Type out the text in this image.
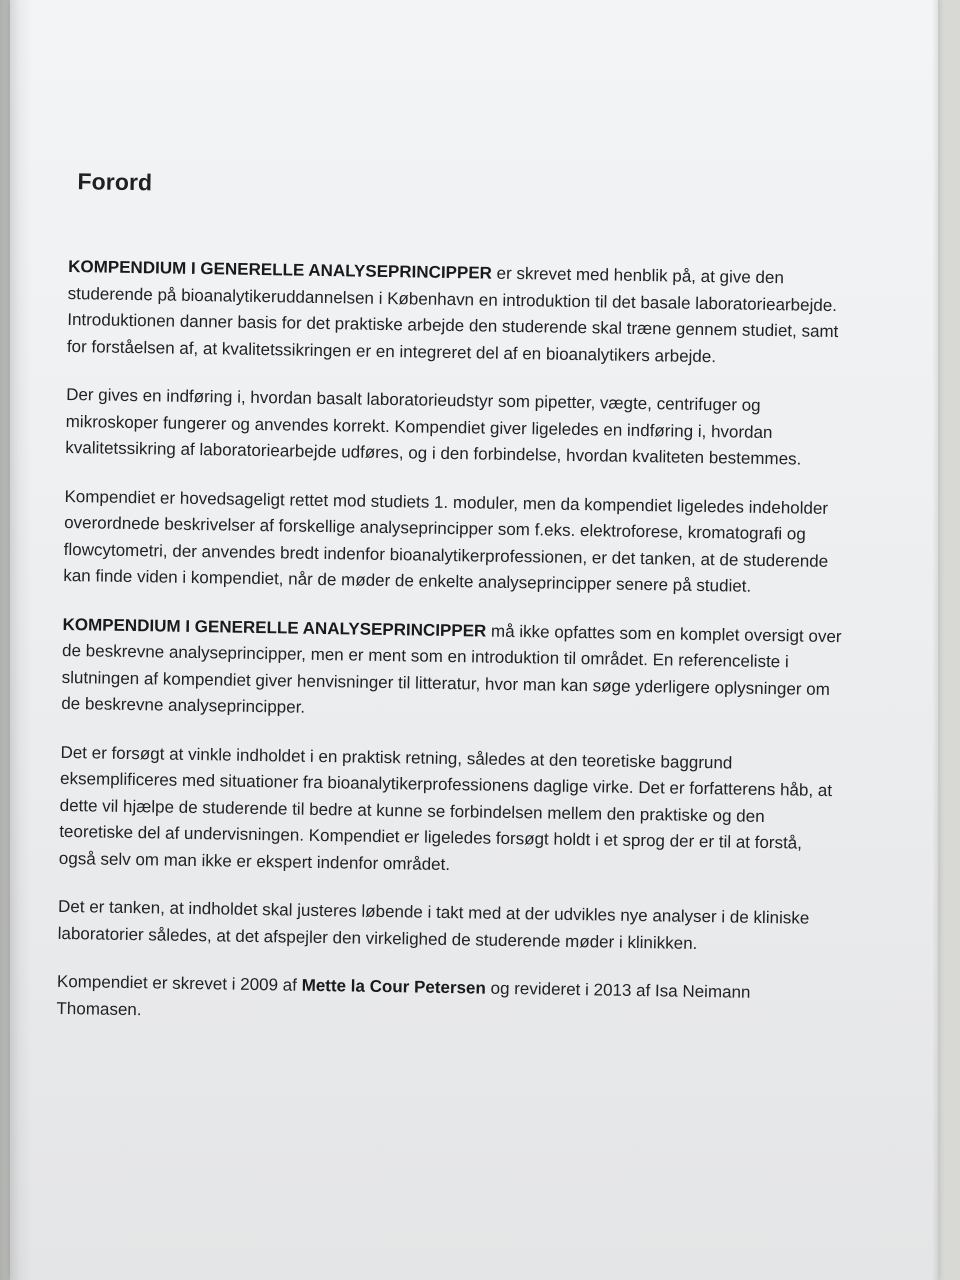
Forord

KOMPENDIUM I GENERELLE ANALYSEPRINCIPPER er skrevet med henblik på, at give den studerende på bioanalytikeruddannelsen i København en introduktion til det basale laboratoriearbejde. Introduktionen danner basis for det praktiske arbejde den studerende skal træne gennem studiet, samt for forståelsen af, at kvalitetssikringen er en integreret del af en bioanalytikers arbejde.

Der gives en indføring i, hvordan basalt laboratorieudstyr som pipetter, vægte, centrifuger og mikroskoper fungerer og anvendes korrekt. Kompendiet giver ligeledes en indføring i, hvordan kvalitetssikring af laboratoriearbejde udføres, og i den forbindelse, hvordan kvaliteten bestemmes.

Kompendiet er hovedsageligt rettet mod studiets 1. moduler, men da kompendiet ligeledes indeholder overordnede beskrivelser af forskellige analyseprincipper som f.eks. elektroforese, kromatografi og flowcytometri, der anvendes bredt indenfor bioanalytikerprofessionen, er det tanken, at de studerende kan finde viden i kompendiet, når de møder de enkelte analyseprincipper senere på studiet.

KOMPENDIUM I GENERELLE ANALYSEPRINCIPPER må ikke opfattes som en komplet oversigt over de beskrevne analyseprincipper, men er ment som en introduktion til området. En referenceliste i slutningen af kompendiet giver henvisninger til litteratur, hvor man kan søge yderligere oplysninger om de beskrevne analyseprincipper.

Det er forsøgt at vinkle indholdet i en praktisk retning, således at den teoretiske baggrund eksemplificeres med situationer fra bioanalytikerprofessionens daglige virke. Det er forfatterens håb, at dette vil hjælpe de studerende til bedre at kunne se forbindelsen mellem den praktiske og den teoretiske del af undervisningen. Kompendiet er ligeledes forsøgt holdt i et sprog der er til at forstå, også selv om man ikke er ekspert indenfor området.

Det er tanken, at indholdet skal justeres løbende i takt med at der udvikles nye analyser i de kliniske laboratorier således, at det afspejler den virkelighed de studerende møder i klinikken.

Kompendiet er skrevet i 2009 af Mette la Cour Petersen og revideret i 2013 af Isa Neimann Thomasen.
